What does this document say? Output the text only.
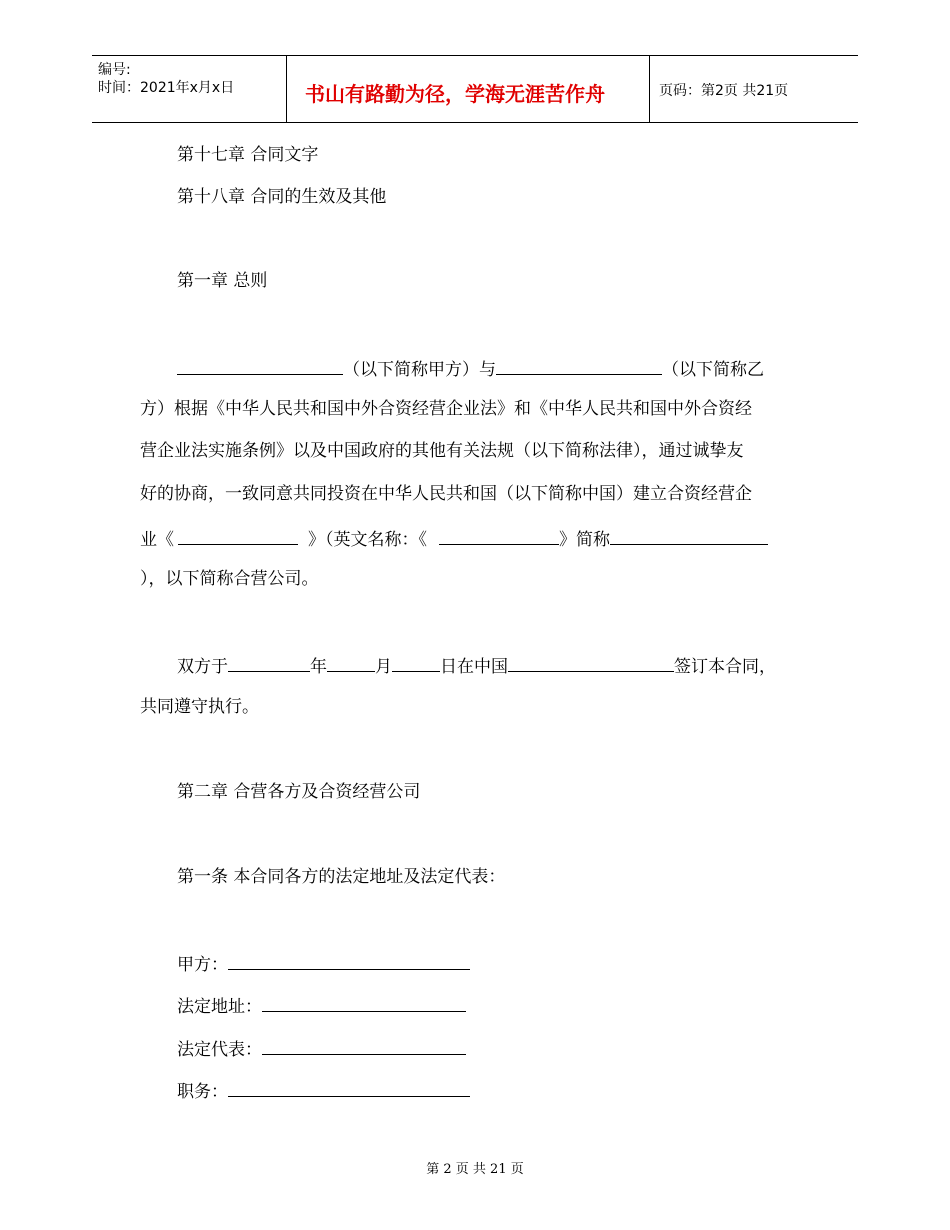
编号:
时间：2021年x月x日	书山有路勤为径，学海无涯苦作舟	页码：第2页 共21页
第十七章 合同文字
第十八章 合同的生效及其他
第一章 总则
（以下简称甲方）与	（以下简称乙
方）根据《中华人民共和国中外合资经营企业法》和《中华人民共和国中外合资经
营企业法实施条例》以及中国政府的其他有关法规（以下简称法律），通过诚挚友
好的协商，一致同意共同投资在中华人民共和国（以下简称中国）建立合资经营企
业《	》（英文名称：《	》简称
），以下简称合营公司。
双方于	年	月	日在中国	签订本合同，
共同遵守执行。
第二章 合营各方及合资经营公司
第一条 本合同各方的法定地址及法定代表：
甲方：
法定地址：
法定代表：
职务：
第 2 页 共 21 页
